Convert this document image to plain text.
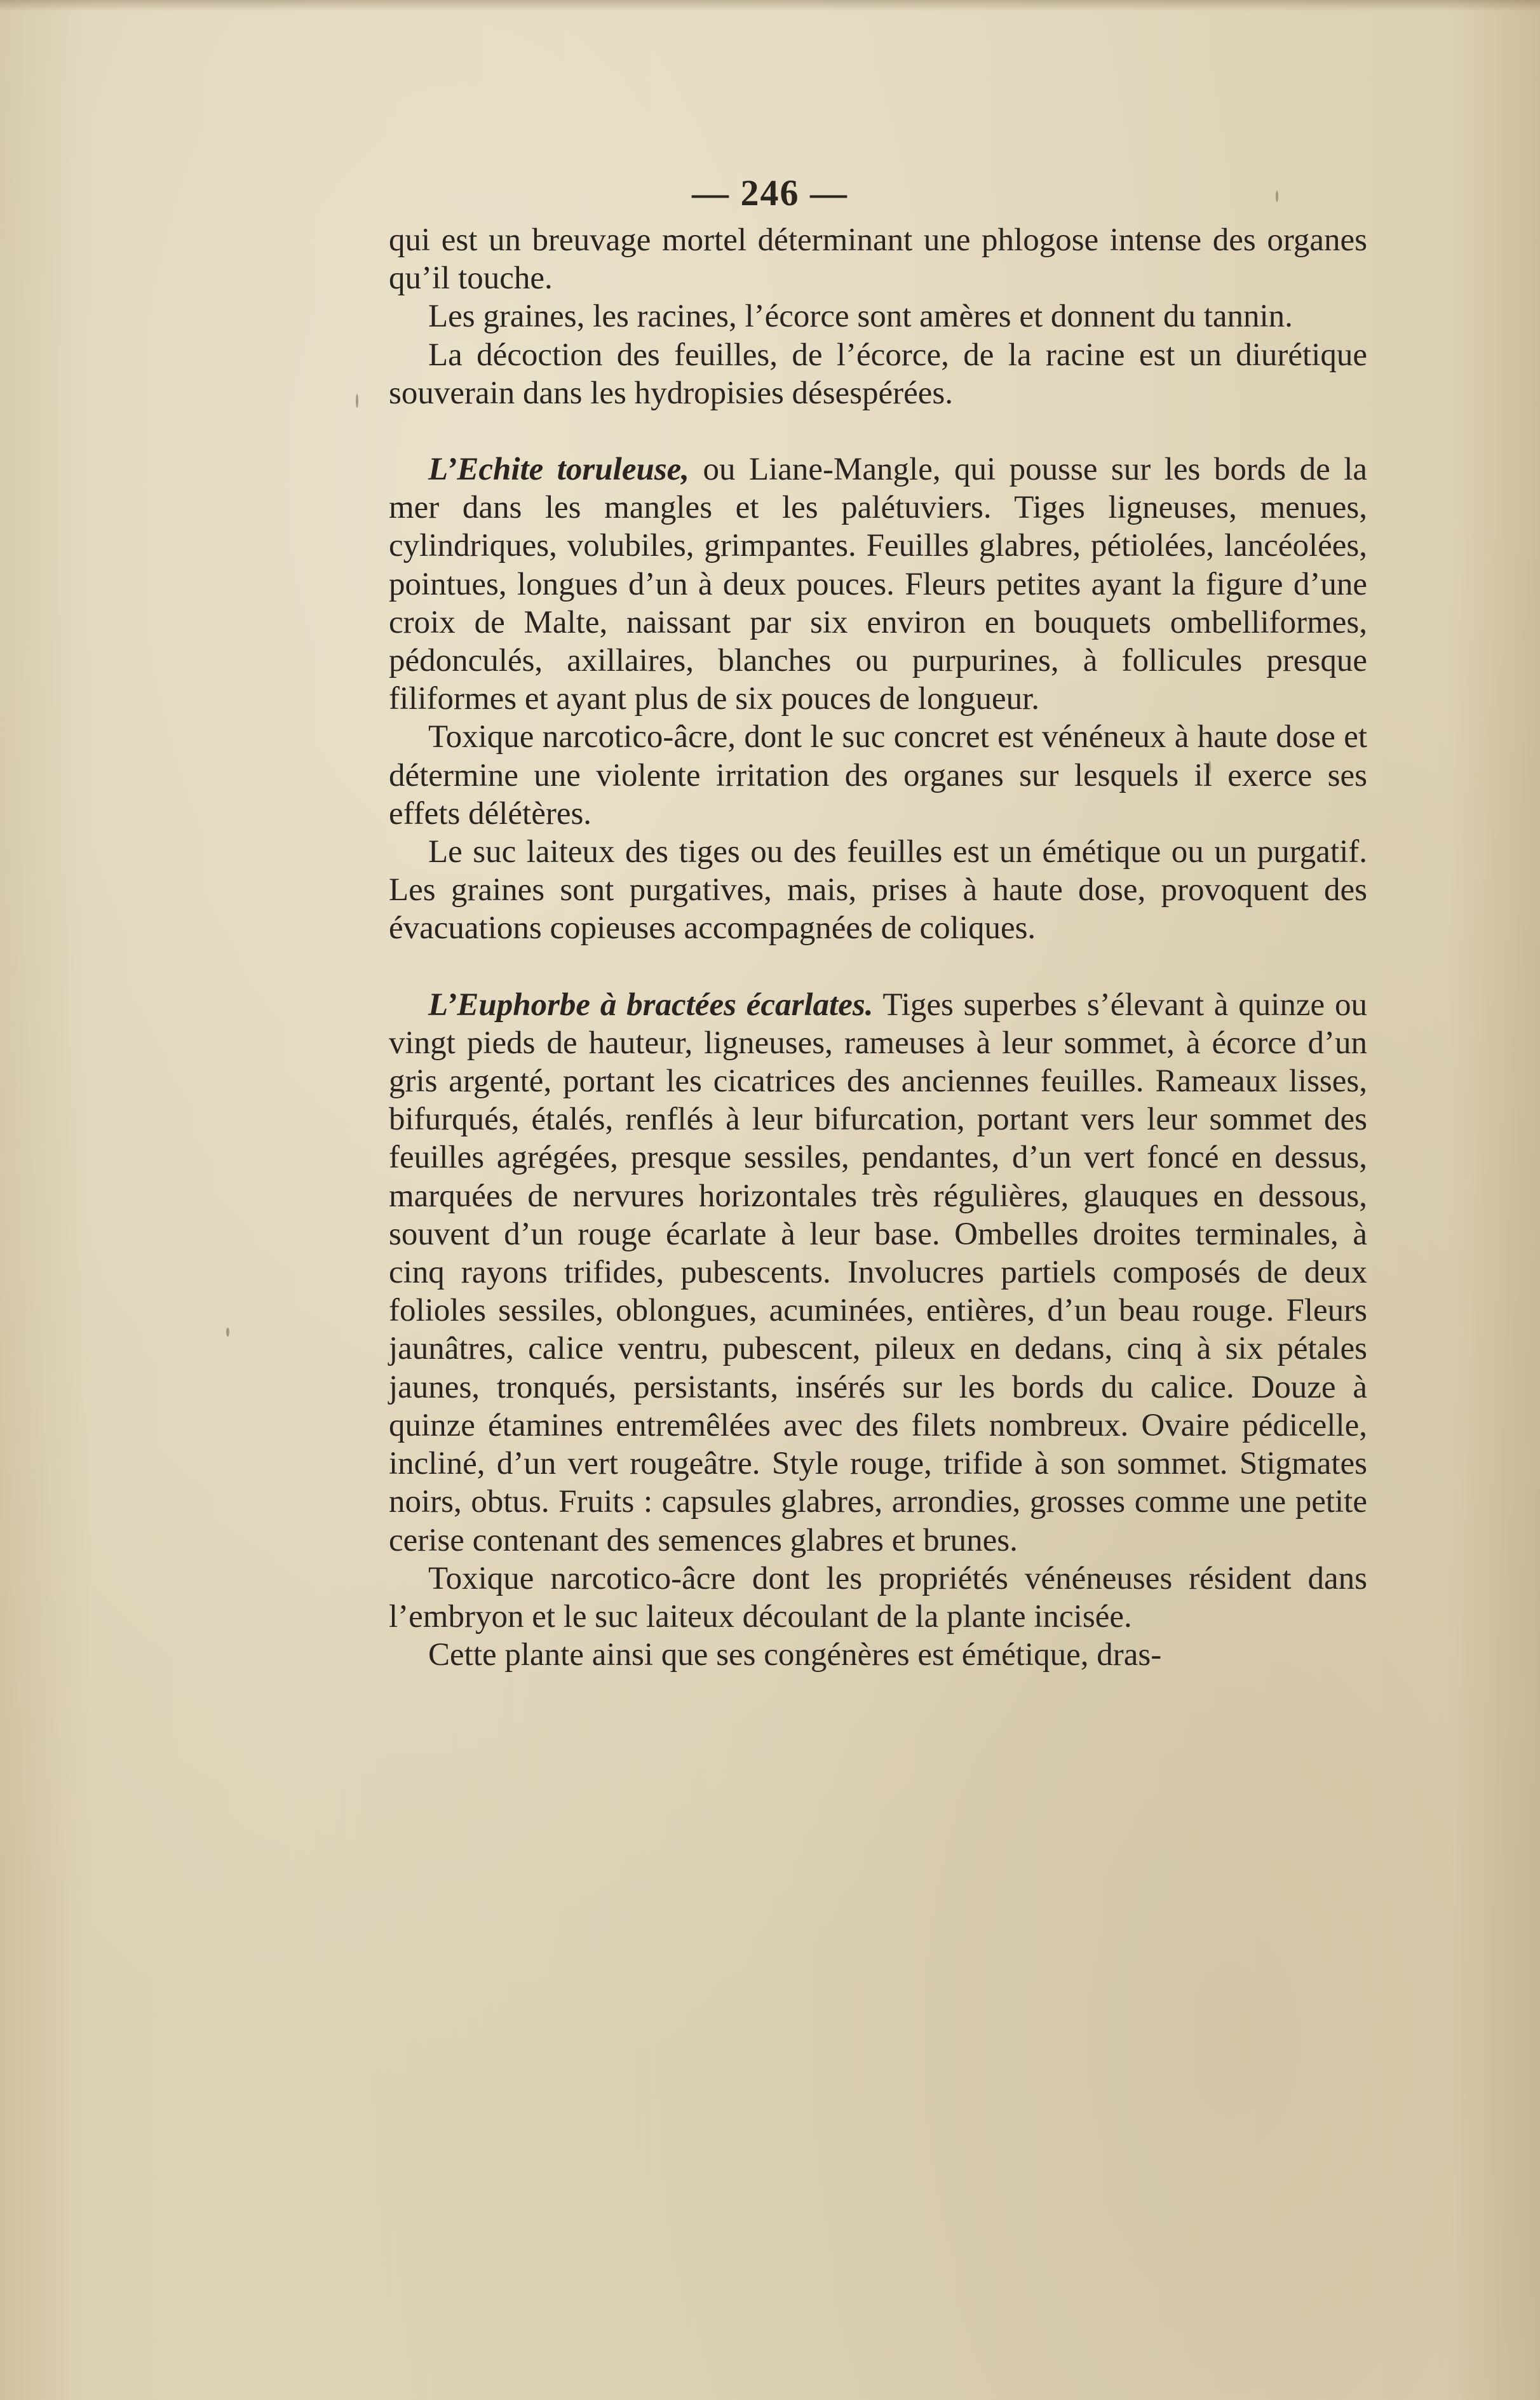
— 246 —

qui est un breuvage mortel déterminant une phlogose intense des organes qu’il touche.

Les graines, les racines, l’écorce sont amères et donnent du tannin.

La décoction des feuilles, de l’écorce, de la racine est un diurétique souverain dans les hydropisies désespérées.

L’Echite toruleuse, ou Liane-Mangle, qui pousse sur les bords de la mer dans les mangles et les palétuviers. Tiges ligneuses, menues, cylindriques, volubiles, grimpantes. Feuilles glabres, pétiolées, lancéolées, pointues, longues d’un à deux pouces. Fleurs petites ayant la figure d’une croix de Malte, naissant par six environ en bouquets ombelliformes, pédonculés, axillaires, blanches ou purpurines, à follicules presque filiformes et ayant plus de six pouces de longueur.

Toxique narcotico-âcre, dont le suc concret est vénéneux à haute dose et détermine une violente irritation des organes sur lesquels il exerce ses effets délétères.

Le suc laiteux des tiges ou des feuilles est un émétique ou un purgatif. Les graines sont purgatives, mais, prises à haute dose, provoquent des évacuations copieuses accompagnées de coliques.

L’Euphorbe à bractées écarlates. Tiges superbes s’élevant à quinze ou vingt pieds de hauteur, ligneuses, rameuses à leur sommet, à écorce d’un gris argenté, portant les cicatrices des anciennes feuilles. Rameaux lisses, bifurqués, étalés, renflés à leur bifurcation, portant vers leur sommet des feuilles agrégées, presque sessiles, pendantes, d’un vert foncé en dessus, marquées de nervures horizontales très régulières, glauques en dessous, souvent d’un rouge écarlate à leur base. Ombelles droites terminales, à cinq rayons trifides, pubescents. Involucres partiels composés de deux folioles sessiles, oblongues, acuminées, entières, d’un beau rouge. Fleurs jaunâtres, calice ventru, pubescent, pileux en dedans, cinq à six pétales jaunes, tronqués, persistants, insérés sur les bords du calice. Douze à quinze étamines entremêlées avec des filets nombreux. Ovaire pédicelle, incliné, d’un vert rougeâtre. Style rouge, trifide à son sommet. Stigmates noirs, obtus. Fruits : capsules glabres, arrondies, grosses comme une petite cerise contenant des semences glabres et brunes.

Toxique narcotico-âcre dont les propriétés vénéneuses résident dans l’embryon et le suc laiteux découlant de la plante incisée.

Cette plante ainsi que ses congénères est émétique, dras-
